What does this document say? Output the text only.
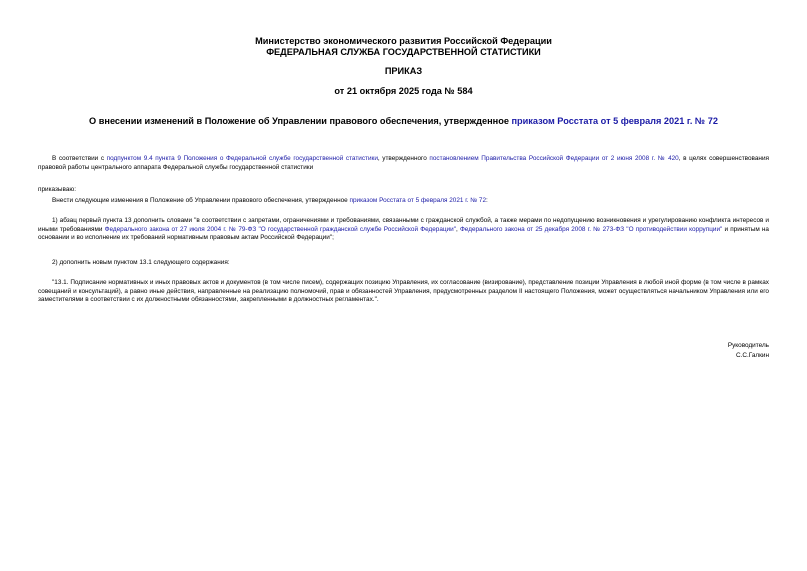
Министерство экономического развития Российской Федерации
ФЕДЕРАЛЬНАЯ СЛУЖБА ГОСУДАРСТВЕННОЙ СТАТИСТИКИ
ПРИКАЗ
от 21 октября 2025 года № 584
О внесении изменений в Положение об Управлении правового обеспечения, утвержденное приказом Росстата от 5 февраля 2021 г. № 72
В соответствии с подпунктом 9.4 пункта 9 Положения о Федеральной службе государственной статистики, утвержденного постановлением Правительства Российской Федерации от 2 июня 2008 г. № 420, в целях совершенствования правовой работы центрального аппарата Федеральной службы государственной статистики
приказываю:
Внести следующие изменения в Положение об Управлении правового обеспечения, утвержденное приказом Росстата от 5 февраля 2021 г. № 72:
1) абзац первый пункта 13 дополнить словами "в соответствии с запретами, ограничениями и требованиями, связанными с гражданской службой, а также мерами по недопущению возникновения и урегулированию конфликта интересов и иными требованиями Федерального закона от 27 июля 2004 г. № 79-ФЗ "О государственной гражданской службе Российской Федерации", Федерального закона от 25 декабря 2008 г. № 273-ФЗ "О противодействии коррупции" и принятым на основании и во исполнение их требований нормативным правовым актам Российской Федерации";
2) дополнить новым пунктом 13.1 следующего содержания:
"13.1. Подписание нормативных и иных правовых актов и документов (в том числе писем), содержащих позицию Управления, их согласование (визирование), представление позиции Управления в любой иной форме (в том числе в рамках совещаний и консультаций), а равно иные действия, направленные на реализацию полномочий, прав и обязанностей Управления, предусмотренных разделом II настоящего Положения, может осуществляться начальником Управления или его заместителями в соответствии с их должностными обязанностями, закрепленными в должностных регламентах.".
Руководитель
С.С.Галкин
